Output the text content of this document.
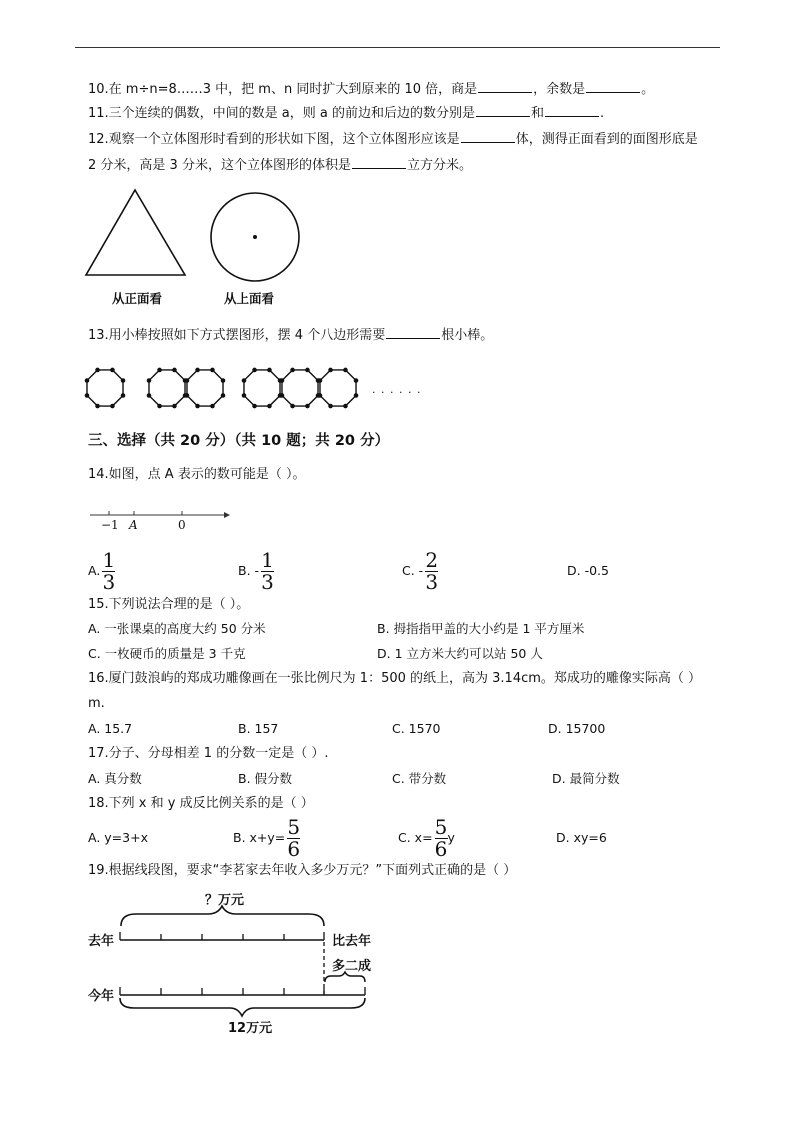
10.在 m÷n=8……3 中，把 m、n 同时扩大到原来的 10 倍，商是	，余数是	。
11.三个连续的偶数，中间的数是 a，则 a 的前边和后边的数分别是	和	.
12.观察一个立体图形时看到的形状如下图，这个立体图形应该是	体，测得正面看到的面图形底是
2 分米，高是 3 分米，这个立体图形的体积是	立方分米。
从正面看	从上面看
13.用小棒按照如下方式摆图形，摆 4 个八边形需要	根小棒。
· · · · · ·
三、选择（共 20 分）（共 10 题；共 20 分）
14.如图，点 A 表示的数可能是（ ）。
−1 A	0
A. $\frac{1}{3}$	B. - $\frac{1}{3}$	C. - $\frac{2}{3}$	D. -0.5
15.下列说法合理的是（ ）。
A. 一张课桌的高度大约 50 分米	B. 拇指指甲盖的大小约是 1 平方厘米
C. 一枚硬币的质量是 3 千克	D. 1 立方米大约可以站 50 人
16.厦门鼓浪屿的郑成功雕像画在一张比例尺为 1：500 的纸上，高为 3.14cm。郑成功的雕像实际高（ ）
m.
A. 15.7	B. 157	C. 1570	D. 15700
17.分子、分母相差 1 的分数一定是（ ）.
A. 真分数	B. 假分数	C. 带分数	D. 最简分数
18.下列 x 和 y 成反比例关系的是（ ）
A. y=3+x	B. $x+y= \frac{5}{6}$	C. $x= \frac{5}{6}$ y	D. xy=6
19.根据线段图，要求“李茗家去年收入多少万元？”下面列式正确的是（ ）
？万元
去年	比去年
多二成
今年
12万元
